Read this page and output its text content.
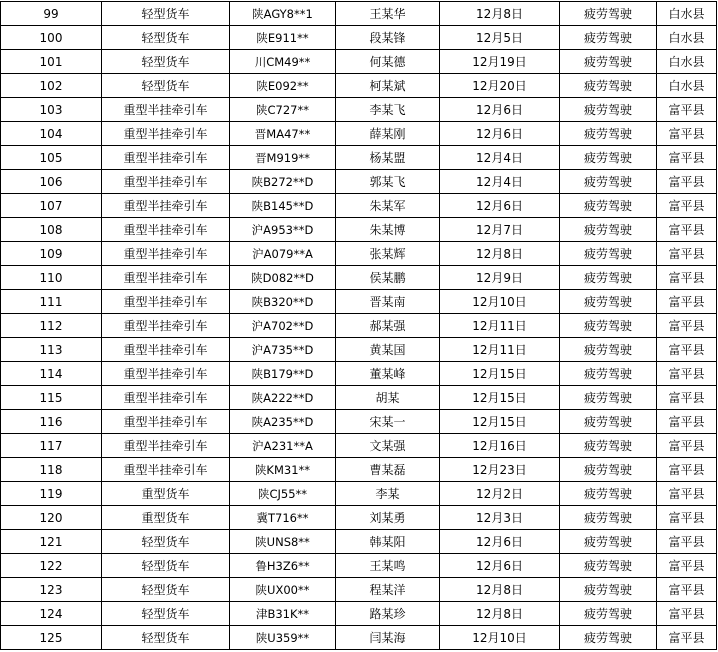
99	轻型货车	陕AGY8**1	王某华	12月8日	疲劳驾驶	白水县
100	轻型货车	陕E911**	段某锋	12月5日	疲劳驾驶	白水县
101	轻型货车	川CM49**	何某德	12月19日	疲劳驾驶	白水县
102	轻型货车	陕E092**	柯某斌	12月20日	疲劳驾驶	白水县
103	重型半挂牵引车	陕C727**	李某飞	12月6日	疲劳驾驶	富平县
104	重型半挂牵引车	晋MA47**	薛某刚	12月6日	疲劳驾驶	富平县
105	重型半挂牵引车	晋M919**	杨某盟	12月4日	疲劳驾驶	富平县
106	重型半挂牵引车	陕B272**D	郭某飞	12月4日	疲劳驾驶	富平县
107	重型半挂牵引车	陕B145**D	朱某军	12月6日	疲劳驾驶	富平县
108	重型半挂牵引车	沪A953**D	朱某博	12月7日	疲劳驾驶	富平县
109	重型半挂牵引车	沪A079**A	张某辉	12月8日	疲劳驾驶	富平县
110	重型半挂牵引车	陕D082**D	侯某鹏	12月9日	疲劳驾驶	富平县
111	重型半挂牵引车	陕B320**D	晋某南	12月10日	疲劳驾驶	富平县
112	重型半挂牵引车	沪A702**D	郝某强	12月11日	疲劳驾驶	富平县
113	重型半挂牵引车	沪A735**D	黄某国	12月11日	疲劳驾驶	富平县
114	重型半挂牵引车	陕B179**D	董某峰	12月15日	疲劳驾驶	富平县
115	重型半挂牵引车	陕A222**D	胡某	12月15日	疲劳驾驶	富平县
116	重型半挂牵引车	陕A235**D	宋某一	12月15日	疲劳驾驶	富平县
117	重型半挂牵引车	沪A231**A	文某强	12月16日	疲劳驾驶	富平县
118	重型半挂牵引车	陕KM31**	曹某磊	12月23日	疲劳驾驶	富平县
119	重型货车	陕CJ55**	李某	12月2日	疲劳驾驶	富平县
120	重型货车	冀T716**	刘某勇	12月3日	疲劳驾驶	富平县
121	轻型货车	陕UNS8**	韩某阳	12月6日	疲劳驾驶	富平县
122	轻型货车	鲁H3Z6**	王某鸣	12月6日	疲劳驾驶	富平县
123	轻型货车	陕UX00**	程某洋	12月8日	疲劳驾驶	富平县
124	轻型货车	津B31K**	路某珍	12月8日	疲劳驾驶	富平县
125	轻型货车	陕U359**	闫某海	12月10日	疲劳驾驶	富平县
